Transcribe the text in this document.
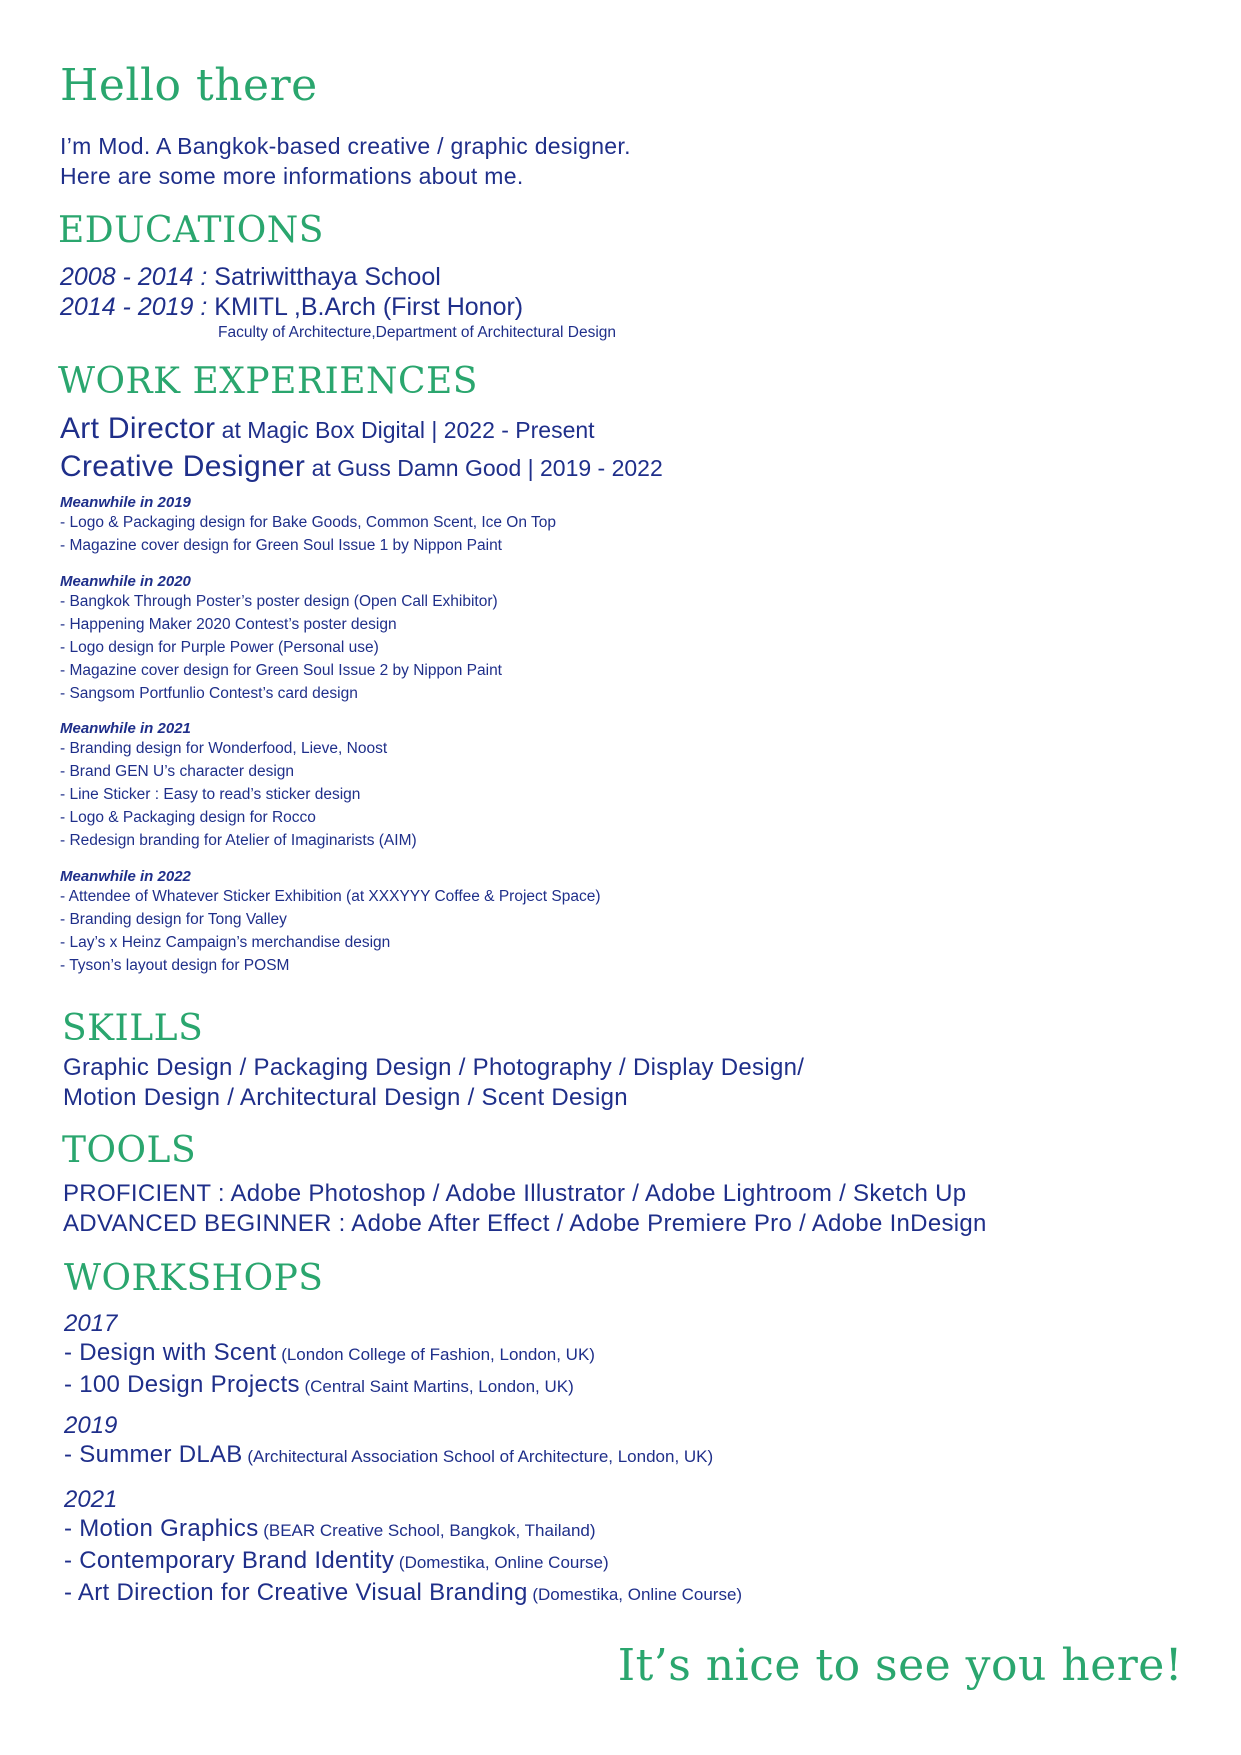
Hello there
I’m Mod. A Bangkok-based creative / graphic designer.
Here are some more informations about me.
EDUCATIONS
2008 - 2014 : Satriwitthaya School
2014 - 2019 : KMITL ,B.Arch (First Honor)
Faculty of Architecture,Department of Architectural Design
WORK EXPERIENCES
Art Director at Magic Box Digital | 2022 - Present
Creative Designer at Guss Damn Good | 2019 - 2022
Meanwhile in 2019
- Logo & Packaging design for Bake Goods, Common Scent, Ice On Top
- Magazine cover design for Green Soul Issue 1 by Nippon Paint
Meanwhile in 2020
- Bangkok Through Poster’s poster design (Open Call Exhibitor)
- Happening Maker 2020 Contest’s poster design
- Logo design for Purple Power (Personal use)
- Magazine cover design for Green Soul Issue 2 by Nippon Paint
- Sangsom Portfunlio Contest’s card design
Meanwhile in 2021
- Branding design for Wonderfood, Lieve, Noost
- Brand GEN U’s character design
- Line Sticker : Easy to read’s sticker design
- Logo & Packaging design for Rocco
- Redesign branding for Atelier of Imaginarists (AIM)
Meanwhile in 2022
- Attendee of Whatever Sticker Exhibition (at XXXYYY Coffee & Project Space)
- Branding design for Tong Valley
- Lay’s x Heinz Campaign’s merchandise design
- Tyson’s layout design for POSM
SKILLS
Graphic Design / Packaging Design / Photography / Display Design/
Motion Design / Architectural Design / Scent Design
TOOLS
PROFICIENT : Adobe Photoshop / Adobe Illustrator / Adobe Lightroom / Sketch Up
ADVANCED BEGINNER : Adobe After Effect / Adobe Premiere Pro / Adobe InDesign
WORKSHOPS
2017
- Design with Scent (London College of Fashion, London, UK)
- 100 Design Projects (Central Saint Martins, London, UK)
2019
- Summer DLAB (Architectural Association School of Architecture, London, UK)
2021
- Motion Graphics (BEAR Creative School, Bangkok, Thailand)
- Contemporary Brand Identity (Domestika, Online Course)
- Art Direction for Creative Visual Branding (Domestika, Online Course)
It’s nice to see you here!
